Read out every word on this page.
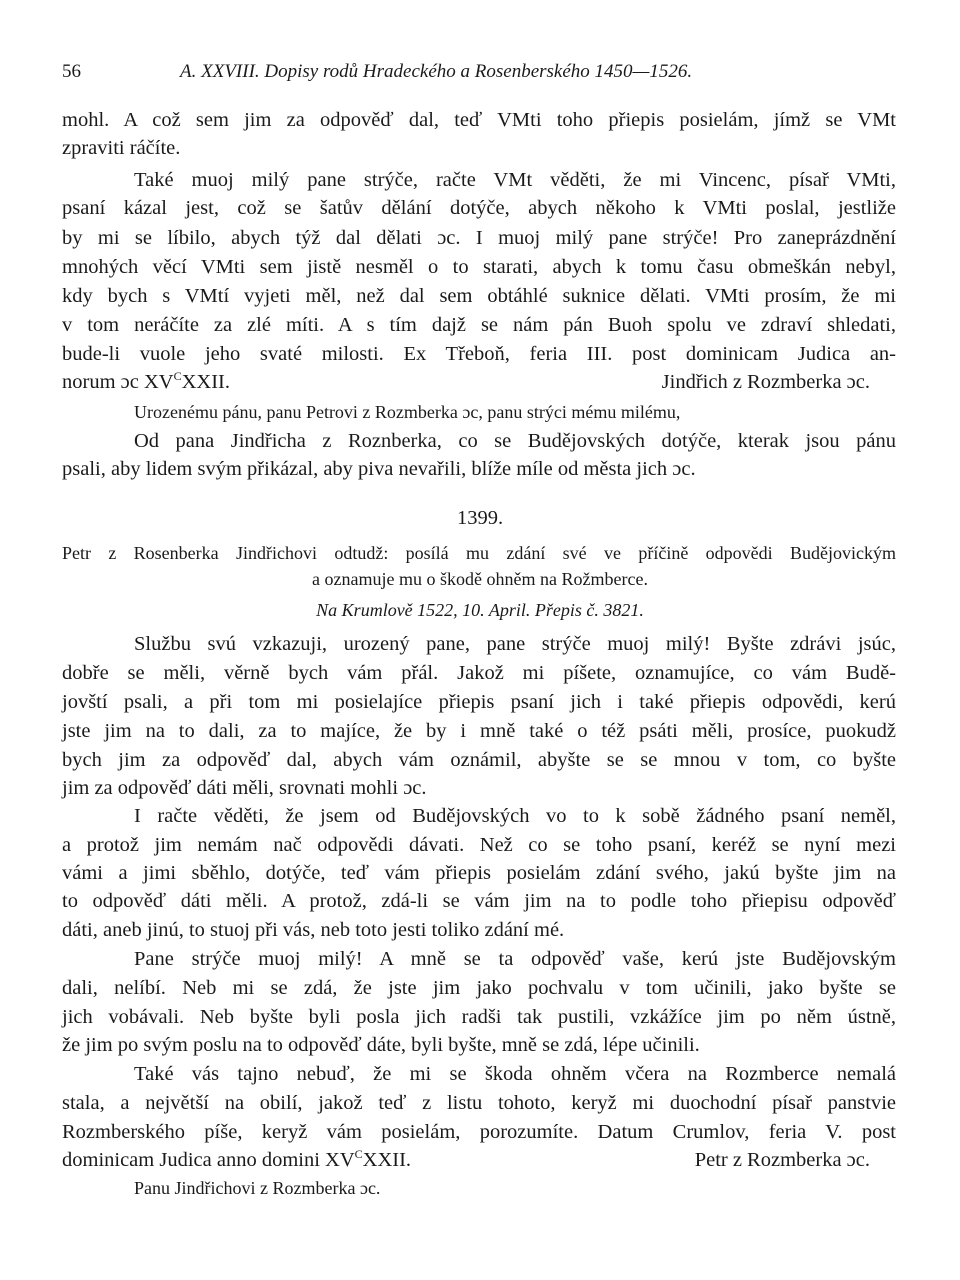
56	A. XXVIII. Dopisy rodů Hradeckého a Rosenberského 1450—1526.
mohl. A což sem jim za odpověď dal, teď VMti toho přiepis posielám, jímž se VMt
zpraviti ráčíte.
Také muoj milý pane strýče, račte VMt věděti, že mi Vincenc, písař VMti,
psaní kázal jest, což se šatův dělání dotýče, abych někoho k VMti poslal, jestliže
by mi se líbilo, abych týž dal dělati ɔc. I muoj milý pane strýče! Pro zaneprázdnění
mnohých věcí VMti sem jistě nesměl o to starati, abych k tomu času obmeškán nebyl,
kdy bych s VMtí vyjeti měl, než dal sem obtáhlé suknice dělati. VMti prosím, že mi
v tom neráčíte za zlé míti. A s tím dajž se nám pán Buoh spolu ve zdraví shledati,
bude-li vuole jeho svaté milosti. Ex Třeboň, feria III. post dominicam Judica an-
norum ɔc $XV^CXXII$.	Jindřich z Rozmberka ɔc.
Urozenému pánu, panu Petrovi z Rozmberka ɔc, panu strýci mému milému,
Od pana Jindřicha z Roznberka, co se Budějovských dotýče, kterak jsou pánu
psali, aby lidem svým přikázal, aby piva nevařili, blíže míle od města jich ɔc.
1399.
Petr z Rosenberka Jindřichovi odtudž: posílá mu zdání své ve příčině odpovědi Budějovickým
a oznamuje mu o škodě ohněm na Rožmberce.
Na Krumlově 1522, 10. April. Přepis č. 3821.
Službu svú vzkazuji, urozený pane, pane strýče muoj milý! Byšte zdrávi jsúc,
dobře se měli, věrně bych vám přál. Jakož mi píšete, oznamujíce, co vám Budě-
jovští psali, a při tom mi posielajíce přiepis psaní jich i také přiepis odpovědi, kerú
jste jim na to dali, za to majíce, že by i mně také o též psáti měli, prosíce, puokudž
bych jim za odpověď dal, abych vám oznámil, abyšte se se mnou v tom, co byšte
jim za odpověď dáti měli, srovnati mohli ɔc.
I račte věděti, že jsem od Budějovských vo to k sobě žádného psaní neměl,
a protož jim nemám nač odpovědi dávati. Než co se toho psaní, keréž se nyní mezi
vámi a jimi sběhlo, dotýče, teď vám přiepis posielám zdání svého, jakú byšte jim na
to odpověď dáti měli. A protož, zdá-li se vám jim na to podle toho přiepisu odpověď
dáti, aneb jinú, to stuoj při vás, neb toto jesti toliko zdání mé.
Pane strýče muoj milý! A mně se ta odpověď vaše, kerú jste Budějovským
dali, nelíbí. Neb mi se zdá, že jste jim jako pochvalu v tom učinili, jako byšte se
jich vobávali. Neb byšte byli posla jich radši tak pustili, vzkážíce jim po něm ústně,
že jim po svým poslu na to odpověď dáte, byli byšte, mně se zdá, lépe učinili.
Také vás tajno nebuď, že mi se škoda ohněm včera na Rozmberce nemalá
stala, a největší na obilí, jakož teď z listu tohoto, keryž mi duochodní písař panstvie
Rozmberského píše, keryž vám posielám, porozumíte. Datum Crumlov, feria V. post
dominicam Judica anno domini $XV^CXXII$.	Petr z Rozmberka ɔc.
Panu Jindřichovi z Rozmberka ɔc.
